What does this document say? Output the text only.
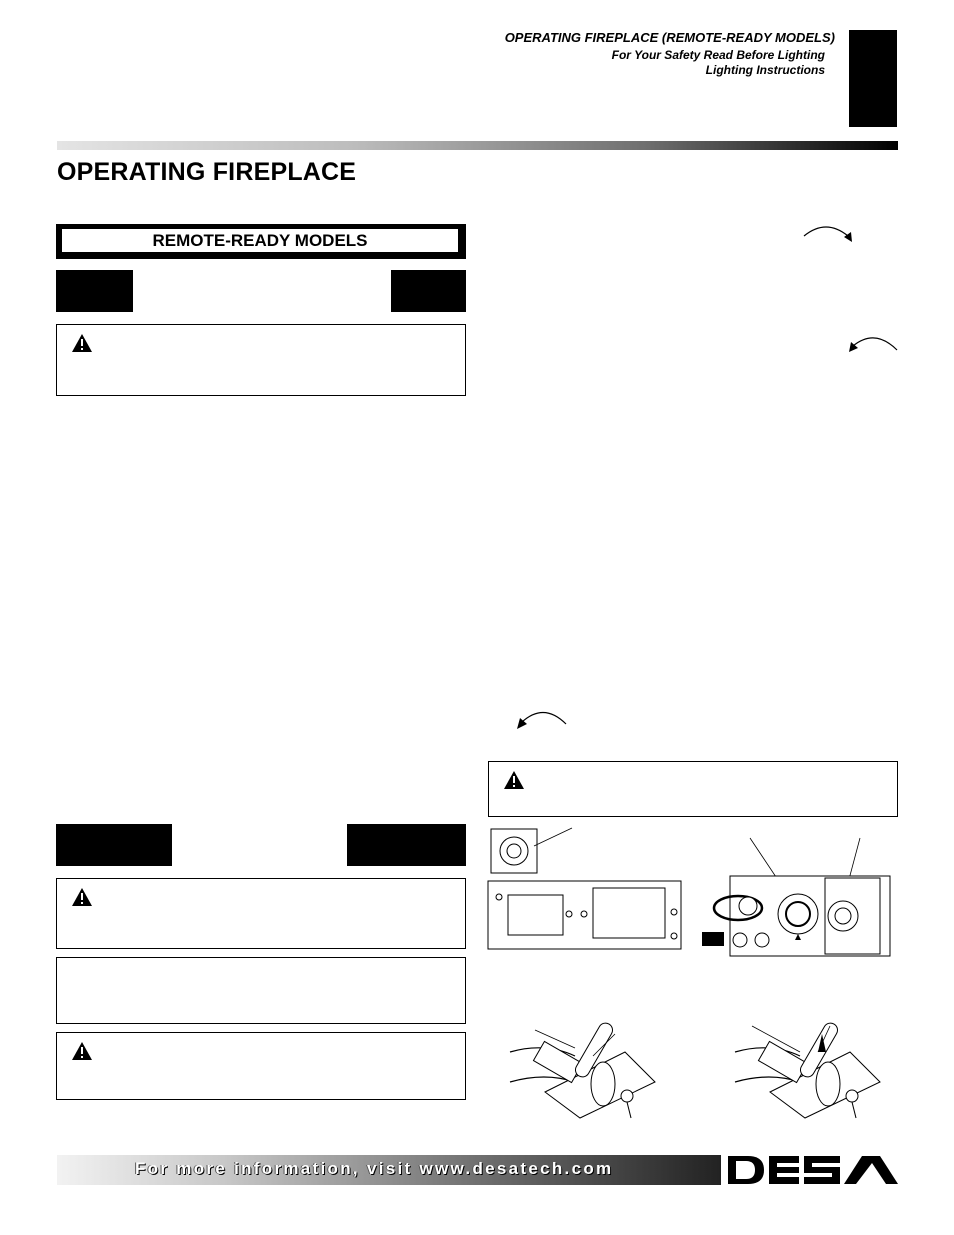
OPERATING FIREPLACE (REMOTE-READY MODELS)
For Your Safety Read Before Lighting
Lighting Instructions
OPERATING FIREPLACE
REMOTE-READY MODELS
For more information, visit www.desatech.com
